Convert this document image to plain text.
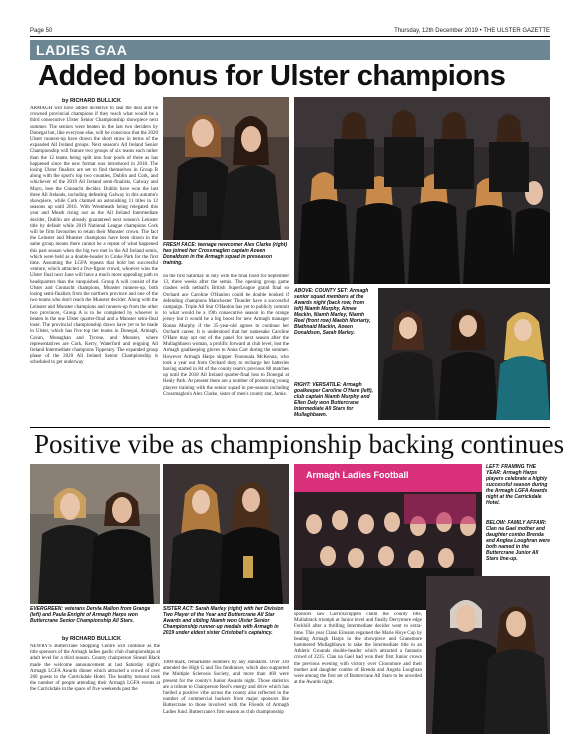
Page 50	Thursday, 12th December 2019 • THE ULSTER GAZETTE
LADIES GAA
Added bonus for Ulster champions
by RICHARD BULLICK
ARMAGH will have added incentive to seal the deal and be crowned provincial champions if they reach what would be a third consecutive Ulster Senior Championship showpiece next summer. The seniors were beaten in the last two deciders by Donegal but, like everyone else, will be conscious that the 2020 Ulster runners-up have drawn the short straw in terms of the expanded All Ireland groups. Next season's All Ireland Senior Championship will feature two groups of six teams each rather than the 12 teams being split into four pools of three as has happened since the new format was introduced in 2018. The losing Ulster finalists are set to find themselves in Group B along with the sport's top two counties, Dublin and Cork, and whichever of the 2019 All Ireland semi-finalists, Galway and Mayo, lose the Connacht decider. Dublin have won the last three All Irelands, including defeating Galway in this autumn's showpiece, while Cork claimed an astonishing 11 titles in 12 seasons up until 2016. With Westmeath being relegated this year and Meath rising out as the All Ireland Intermediate decider, Dublin are already guaranteed next season's Leinster title by default while 2019 National League champions Cork will be firm favourites to retain their Munster crown. The fact the Leinster and Munster champions have been drawn in the same group means there cannot be a repeat of what happened this past season when the big two met in the All Ireland semis, which were held as a double-header in Croke Park for the first time. Assuming the LGFA repeats that bold but successful venture, which attracted a five-figure crowd, whoever wins the Ulster final next June will have a much more appealing path to headquarters than the vanquished. Group A will consist of the Ulster and Connacht champions, Munster runners-up, both losing semi-finalists from the northern province and one of the two teams who don't reach the Munster decider. Along with the Leinster and Munster champions and runners-up from the other two provinces, Group A is to be completed by whoever is beaten in the one Ulster quarter-final and a Munster semi-final loser. The provincial championship draws have yet to be made in Ulster, which has five top tier teams in Donegal, Armagh, Cavan, Monaghan and Tyrone, and Munster, where representatives are Cork, Kerry, Waterford and reigning All Ireland Intermediate champions Tipperary. The expanded group phase of the 2020 All Ireland Senior Championship is scheduled to get underway
FRESH FACE: teenage newcomer Alex Clarke (right) has joined her Crossmaglen captain Aoeen Donaldson in the Armagh squad in preseason training.
on the first Saturday in July with the final fixed for September 13, three weeks after the semis. The opening group game clashes with netball's British SuperLeague grand final so Orchard ace Caroline O'Hanlon could be double booked if defending champions Manchester Thunder have a successful campaign. Triple All Star O'Hanlon has yet to publicly commit to what would be a 19th consecutive season in the orange jersey but it would be a big boost for new Armagh manager Ronan Murphy if the 35-year-old agrees to continue her Orchard career. It is understood that her namesake Caroline O'Hare may opt out of the panel for next season after the Mullaghbawn woman, a prolific forward at club level, lost the Armagh goalkeeping gloves to Anna Carr during the summer. However Armagh Harps skipper Fionnuala McKenna, who took a year out from Orchard duty to recharge her batteries having started in 84 of the county team's previous 88 matches up until the 2018 All Ireland quarter-final loss to Donegal at Healy Park. At present there are a number of promising young players training with the senior squad in pre-season including Crossmaglen's Alex Clarke, sister of men's county star, Jamie.
ABOVE: COUNTY SET: Armagh senior squad members at the Awards night (back row, from left) Niamh Murphy, Aimee Mackin, Niamh Marley, Niamh Reel (front row) Maebh Moriarty, Blathnaid Mackin, Aoeen Donaldson, Sarah Marley.
RIGHT: VERSATILE: Armagh goalkeeper Caroline O'Hare (left), club captain Niamh Murphy and Ellen Daly won Buttercrane Intermediate All Stars for Mullaghbawn.
Positive vibe as championship backing continues
EVERGREEN: veterans Dervla Mallon from Grange (left) and Paula Enright of Armagh Harps won Buttercrane Senior Championship All Stars.
by RICHARD BULLICK
NEWRY'S Buttercrane Shopping Centre will continue as the title sponsors of the Armagh ladies gaelic club championships at adult level for a third season. County chairperson Sinead Black made the welcome announcement at last Saturday night's Armagh LGFA Awards dinner which attracted a crowd of over 260 guests to the Carrickdale Hotel. The healthy turnout took the number of people attending their Armagh LGFA events at the Carrickdale in the space of five weekends past the
SISTER ACT: Sarah Marley (right) with her Division Two Player of the Year and Buttercrane All Star Awards and sibling Niamh won Ulster Senior Championship runner-up medals with Armagh in 2019 under eldest sister Cristobel's captaincy.
1000-mark, remarkable numbers by any standards. Over 330 attended the High G and Tea fundraiser, which also supported the Multiple Sclerosis Society, and more than 460 were present for the county's Junior Awards night. Those statistics are a tribute to Chairperson Reel's energy and drive which has fuelled a positive vibe across the county also reflected in the number of commercial backers from major sponsors like Buttercrane to those involved with the Friends of Armagh Ladies fund. Buttercrane's first season as club championship
Armagh Ladies Football
LEFT: FRAMING THE YEAR: Armagh Harps players celebrate a highly successful season during the Armagh LGFA Awards night at the Carrickdale Hotel.
BELOW: FAMILY AFFAIR: Clan na Gael mother and daughter combo Brenda and Anglea Loughran were both named in the Buttercrane Junior All Stars line-up.
sponsors saw Carrickcruppen claim the county title, Mullabrack triumph at Junior level and finally Derrymore edge Forkhill after a thrilling Intermediate decider went to extra-time. This year Clann Eireann regained the Marie Hoye Cup by beating Armagh Harps in the showpiece and Granemore hammered Mullaghbawn to take the Intermediate title in an Athletic Grounds double-header which attracted a fantastic crowd of 2235. Clan na Gael had won their first Junior crown the previous evening with victory over Cloonmore and their mother and daughter combo of Brenda and Angela Loughran were among the first set of Buttercrane All Stars to be unveiled at the Awards night.
